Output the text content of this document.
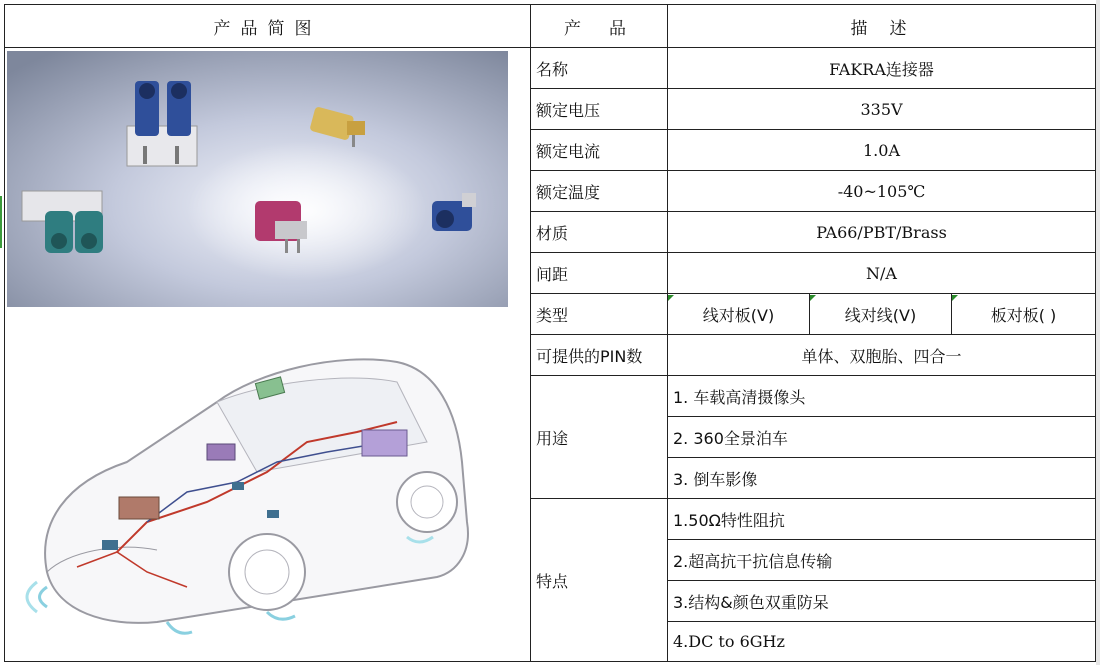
产品简图	产品	描述
名称	FAKRA连接器
额定电压	335V
额定电流	1.0A
额定温度	-40~105℃
材质	PA66/PBT/Brass
间距	N/A
类型	线对板(V)	线对线(V)	板对板( )
可提供的PIN数	单体、双胞胎、四合一
用途
1. 车载高清摄像头
2. 360全景泊车
3. 倒车影像
特点
1.50Ω特性阻抗
2.超高抗干抗信息传输
3.结构&颜色双重防呆
4.DC to 6GHz
